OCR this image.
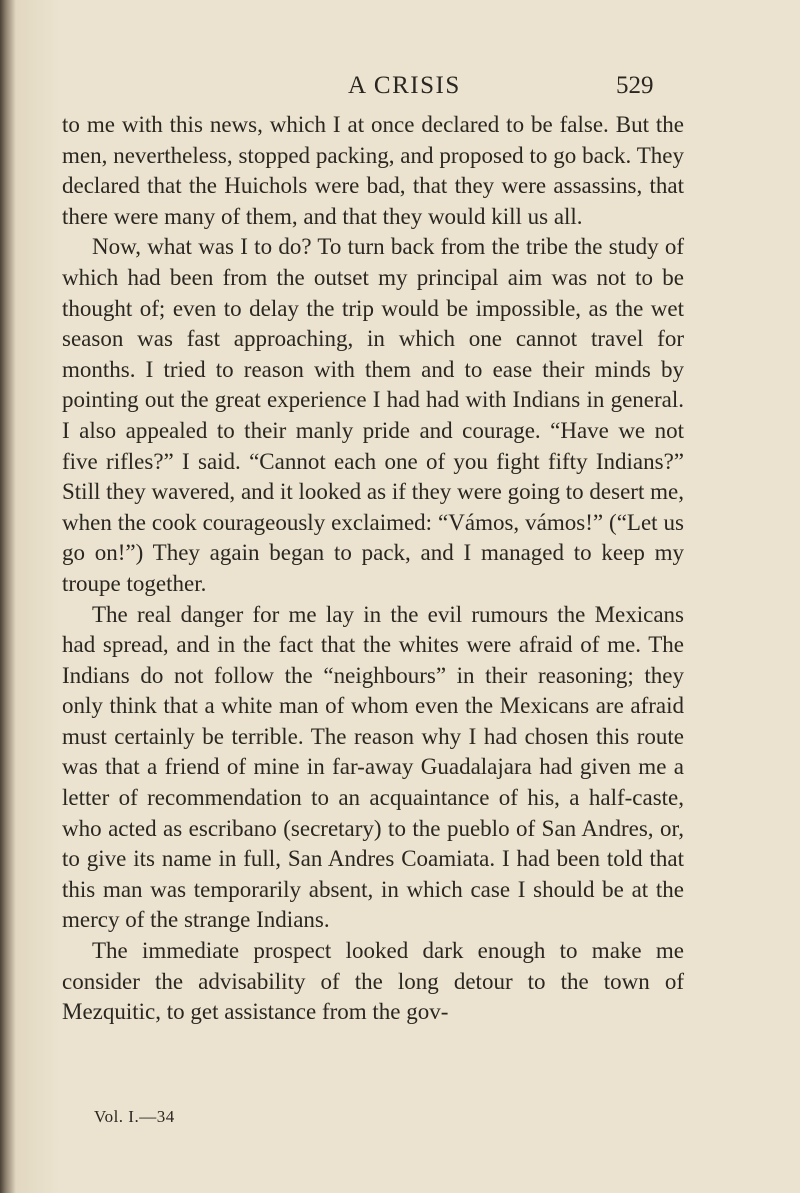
A CRISIS	529

to me with this news, which I at once declared to be false. But the men, nevertheless, stopped packing, and proposed to go back. They declared that the Huichols were bad, that they were assassins, that there were many of them, and that they would kill us all.

Now, what was I to do? To turn back from the tribe the study of which had been from the outset my principal aim was not to be thought of; even to delay the trip would be impossible, as the wet season was fast approaching, in which one cannot travel for months. I tried to reason with them and to ease their minds by pointing out the great experience I had had with Indians in general. I also appealed to their manly pride and courage. “Have we not five rifles?” I said. “Cannot each one of you fight fifty Indians?” Still they wavered, and it looked as if they were going to desert me, when the cook courageously exclaimed: “Vámos, vámos!” (“Let us go on!”) They again began to pack, and I managed to keep my troupe together.

The real danger for me lay in the evil rumours the Mexicans had spread, and in the fact that the whites were afraid of me. The Indians do not follow the “neighbours” in their reasoning; they only think that a white man of whom even the Mexicans are afraid must certainly be terrible. The reason why I had chosen this route was that a friend of mine in far-away Guadalajara had given me a letter of recommendation to an acquaintance of his, a half-caste, who acted as escribano (secretary) to the pueblo of San Andres, or, to give its name in full, San Andres Coamiata. I had been told that this man was temporarily absent, in which case I should be at the mercy of the strange Indians.

The immediate prospect looked dark enough to make me consider the advisability of the long detour to the town of Mezquitic, to get assistance from the gov-

Vol. I.—34
